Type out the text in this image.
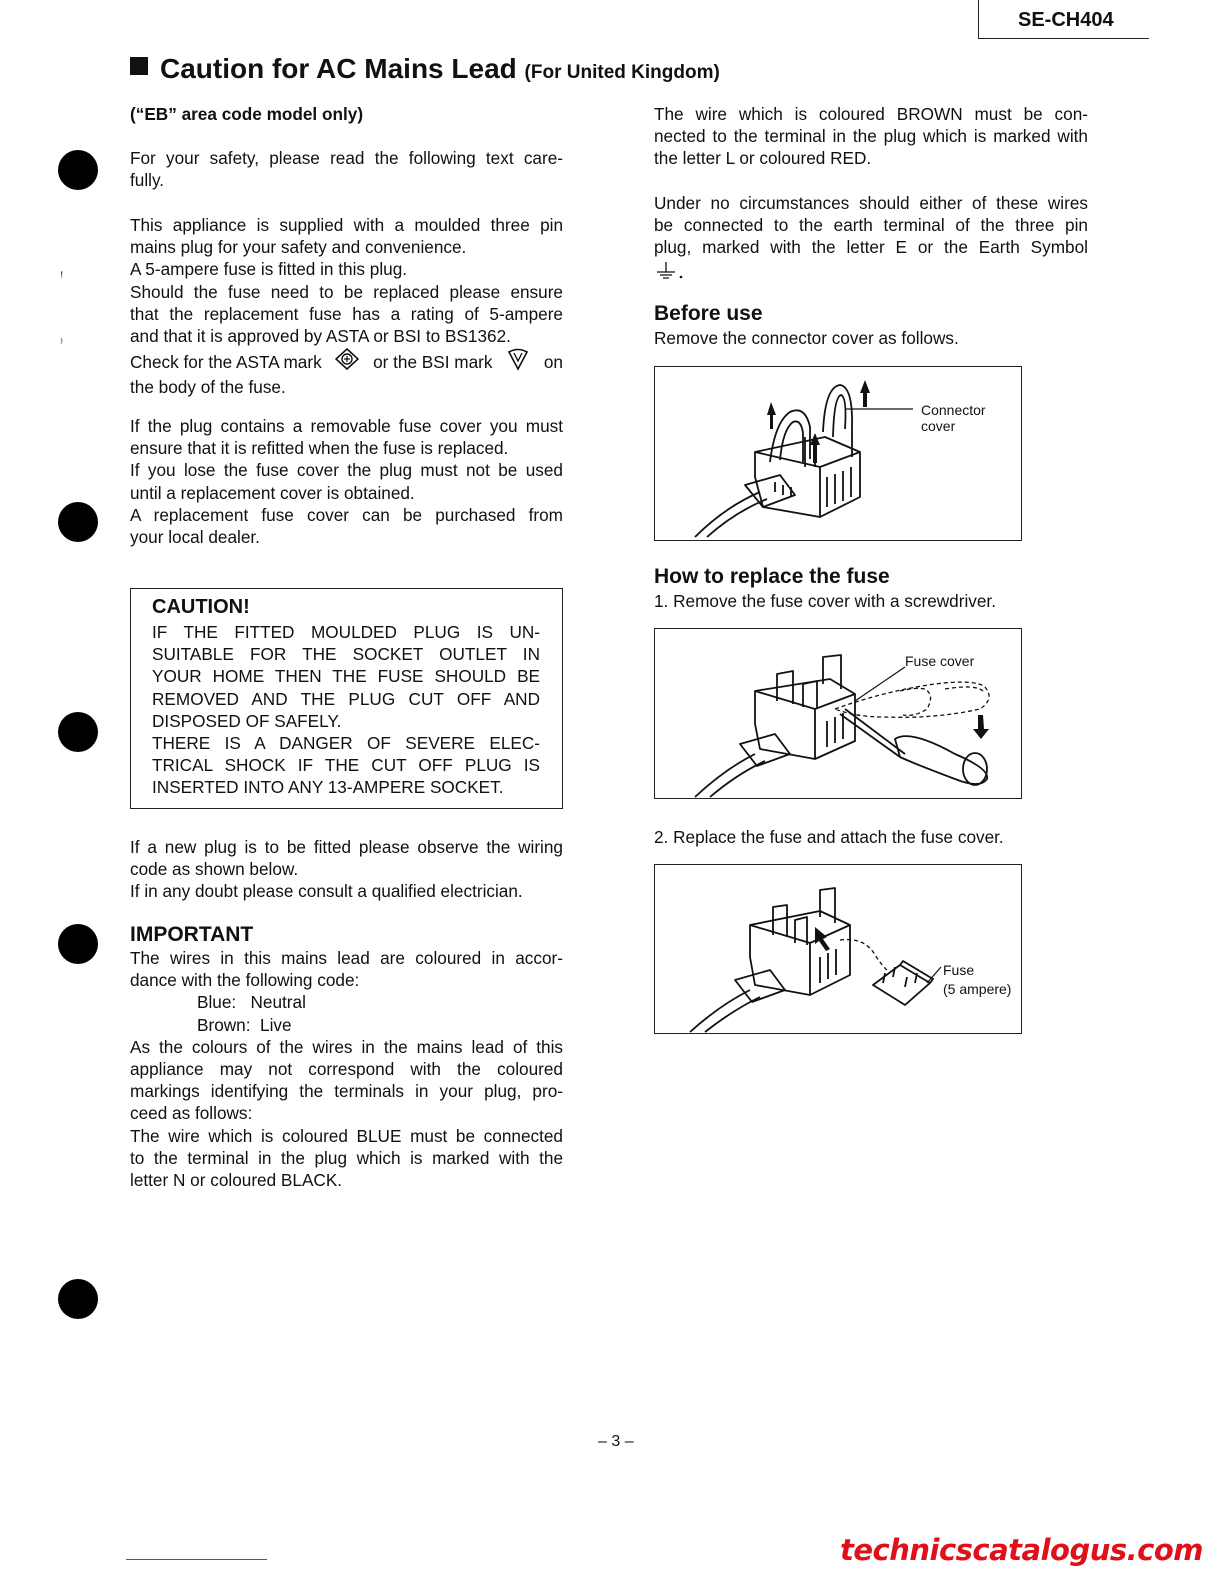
SE-CH404
Caution for AC Mains Lead (For United Kingdom)
(“EB” area code model only)
For your safety, please read the following text care-
fully.
This appliance is supplied with a moulded three pin
mains plug for your safety and convenience.
A 5-ampere fuse is fitted in this plug.
Should the fuse need to be replaced please ensure
that the replacement fuse has a rating of 5-ampere
and that it is approved by ASTA or BSI to BS1362.
Check for the ASTA mark	or the BSI mark	on
the body of the fuse.
If the plug contains a removable fuse cover you must
ensure that it is refitted when the fuse is replaced.
If you lose the fuse cover the plug must not be used
until a replacement cover is obtained.
A replacement fuse cover can be purchased from
your local dealer.
CAUTION!
IF THE FITTED MOULDED PLUG IS UN-
SUITABLE FOR THE SOCKET OUTLET IN
YOUR HOME THEN THE FUSE SHOULD BE
REMOVED AND THE PLUG CUT OFF AND
DISPOSED OF SAFELY.
THERE IS A DANGER OF SEVERE ELEC-
TRICAL SHOCK IF THE CUT OFF PLUG IS
INSERTED INTO ANY 13-AMPERE SOCKET.
If a new plug is to be fitted please observe the wiring
code as shown below.
If in any doubt please consult a qualified electrician.
IMPORTANT
The wires in this mains lead are coloured in accor-
dance with the following code:
Blue:   Neutral
Brown:  Live
As the colours of the wires in the mains lead of this
appliance may not correspond with the coloured
markings identifying the terminals in your plug, pro-
ceed as follows:
The wire which is coloured BLUE must be connected
to the terminal in the plug which is marked with the
letter N or coloured BLACK.
The wire which is coloured BROWN must be con-
nected to the terminal in the plug which is marked with
the letter L or coloured RED.
Under no circumstances should either of these wires
be connected to the earth terminal of the three pin
plug, marked with the letter E or the Earth Symbol
Before use
Remove the connector cover as follows.
Connector
cover
How to replace the fuse
1. Remove the fuse cover with a screwdriver.
Fuse cover
2. Replace the fuse and attach the fuse cover.
Fuse
(5 ampere)
ꜝ
⁾
– 3 –
technicscatalogus.com
